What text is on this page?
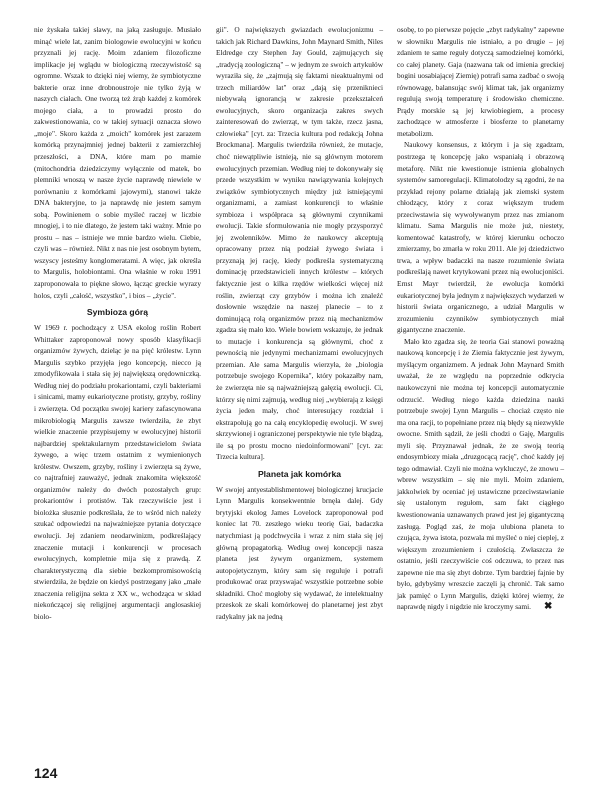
nie żyskała takiej sławy, na jaką zasługuje. Musiało minąć wiele lat, zanim biologowie ewolucyjni w końcu przyznali jej rację. Moim zdaniem filozoficzne implikacje jej wglądu w biologiczną rzeczywistość są ogromne. Wszak to dzięki niej wiemy, że symbiotyczne bakterie oraz inne drobnoustroje nie tylko żyją w naszych ciałach. One tworzą też żrąb każdej z komórek mojego ciała, a to prowadzi prosto do zakwestionowania, co w takiej sytuacji oznacza słowo „moje". Skoro każda z „moich" komórek jest zarazem komórką przynajmniej jednej bakterii z zamierzchłej przeszłości, a DNA, które mam po mamie (mitochondria dziedziczymy wyłącznie od matek, bo plemniki wnoszą w nasze życie naprawdę niewiele w porównaniu z komórkami jajowymi), stanowi także DNA bakteryjne, to ja naprawdę nie jestem samym sobą. Powinienem o sobie myśleć raczej w liczbie mnogiej, i to nie dlatego, że jestem taki ważny. Mnie po prostu – nas – istnieje we mnie bardzo wielu. Ciebie, czyli was – również. Nikt z nas nie jest osobnym bytem, wszyscy jesteśmy konglomeratami. A więc, jak określa to Margulis, holobiontami. Ona właśnie w roku 1991 zaproponowała to piękne słowo, łącząc greckie wyrazy holos, czyli „całość, wszystko", i bios – „życie".

Symbioza górą

W 1969 r. pochodzący z USA ekolog roślin Robert Whittaker zaproponował nowy sposób klasyfikacji organizmów żywych, dzieląc je na pięć królestw. Lynn Margulis szybko przyjęła jego koncepcję, niecco ją zmodyfikowała i stała się jej największą orędowniczką. Według niej do podziału prokariontami, czyli bakteriami i sinicami, mamy eukariotyczne protisty, grzyby, rośliny i zwierzęta. Od początku swojej kariery zafascynowana mikrobiologią Margulis zawsze twierdziła, że zbyt wielkie znaczenie przypisujemy w ewolucyjnej historii najbardziej spektakularnym przedstawicielom świata żywego, a więc trzem ostatnim z wymienionych królestw. Owszem, grzyby, rośliny i zwierzęta są żywe, co najtrafniej zauważyć, jednak znakomita większość organizmów należy do dwóch pozostałych grup: prokariontów i protistów. Tak rzeczywiście jest i biolożka słusznie podkreślała, że to wśród nich należy szukać odpowiedzi na najważniejsze pytania dotyczące ewolucji. Jej zdaniem neodarwinizm, podkreślający znaczenie mutacji i konkurencji w procesach ewolucyjnych, kompletnie mija się z prawdą. Z charakterystyczną dla siebie bezkompromisowością stwierdziła, że będzie on kiedyś postrzegany jako „małe znaczenia religijna sekta z XX w., wchodząca w skład niekończącej się religijnej argumentacji anglosaskiej biolo-

gii". O największych gwiazdach ewolucjonizmu – takich jak Richard Dawkins, John Maynard Smith, Niles Eldredge czy Stephen Jay Gould, zajmujących się „tradycją zoologiczną" – w jednym ze swoich artykułów wyraziła się, że „zajmują się faktami nieaktualnymi od trzech miliardów lat" oraz „dają się przeniknieci niebywałą ignorancją w zakresie przekształceń ewolucyjnych, skoro organizacja zakres swych zainteresowań do zwierząt, w tym także, rzecz jasna, człowieka" [cyt. za: Trzecia kultura pod redakcją Johna Brockmana]. Margulis twierdziła również, że mutacje, choć niewątpliwie istnieją, nie są głównym motorem ewolucyjnych przemian. Według niej te dokonywały się przede wszystkim w wyniku nawiązywania kolejnych związków symbiotycznych między już istniejącymi organizmami, a zamiast konkurencji to właśnie symbioza i współpraca są głównymi czynnikami ewolucji. Takie sformułowania nie mogły przysporzyć jej zwolenników. Mimo że naukowcy akceptują opracowany przez nią podział żywego świata i przyznają jej rację, kiedy podkreśla systematyczną dominację przedstawicieli innych królestw – których faktycznie jest o kilka rzędów wielkości więcej niż roślin, zwierząt czy grzybów i można ich znaleźć dosłownie wszędzie na naszej planecie – to z dominującą rolą organizmów przez nią mechanizmów zgadza się mało kto. Wiele bowiem wskazuje, że jednak to mutacje i konkurencja są głównymi, choć z pewnością nie jedynymi mechanizmami ewolucyjnych przemian. Ale sama Margulis wierzyła, że „biologia potrzebuje swojego Kopernika", który pokazałby nam, że zwierzęta nie są najważniejszą gałęzią ewolucji. Ci, którzy się nimi zajmują, według niej „wybierają z księgi życia jeden mały, choć interesujący rozdział i ekstrapolują go na całą encyklopedię ewolucji. W swej skrzywionej i ograniczonej perspektywie nie tyle błądzą, ile są po prostu mocno niedoinformowani" [cyt. za: Trzecia kultura].

Planeta jak komórka

W swojej antyestablishmentowej biologicznej krucjacie Lynn Margulis konsekwentnie brnęła dalej. Gdy brytyjski ekolog James Lovelock zaproponował pod koniec lat 70. zeszłego wieku teorię Gai, badaczka natychmiast ją podchwyciła i wraz z nim stała się jej główną propagatorką. Według owej koncepcji nasza planeta jest żywym organizmem, systemem autopojetycznym, który sam się reguluje i potrafi produkować oraz przyswajać wszystkie potrzebne sobie składniki. Choć mogłoby się wydawać, że intelektualny przeskok ze skali komórkowej do planetarnej jest zbyt radykalny jak na jedną

osobę, to po pierwsze pojęcie „zbyt radykalny" zapewne w słowniku Margulis nie istniało, a po drugie – jej zdaniem te same reguły dotyczą samodzielnej komórki, co całej planety. Gaja (nazwana tak od imienia greckiej bogini uosabiającej Ziemię) potrafi sama zadbać o swoją równowagę, balansując swój klimat tak, jak organizmy regulują swoją temperaturę i środowisko chemiczne. Prądy morskie są jej krwiobiegiem, a procesy zachodzące w atmosferze i biosferze to planetarny metabolizm.

Naukowy konsensus, z którym i ja się zgadzam, postrzega tę koncepcję jako wspaniałą i obrazową metaforę. Nikt nie kwestionuje istnienia globalnych systemów samoregulacji. Klimatolodzy są zgodni, że na przykład rejony polarne działają jak ziemski system chłodzący, który z coraz większym trudem przeciwstawia się wywoływanym przez nas zmianom klimatu. Sama Margulis nie może już, niestety, komentować katastrofy, w której kierunku ochoczo zmierzamy, bo zmarła w roku 2011. Ale jej dziedzictwo trwa, a wpływ badaczki na nasze rozumienie świata podkreślają nawet krytykowani przez nią ewolucjoniści. Ernst Mayr twierdził, że ewolucja komórki eukariotycznej była jednym z największych wydarzeń w historii świata organicznego, a udział Margulis w zrozumieniu czynników symbiotycznych miał gigantyczne znaczenie.

Mało kto zgadza się, że teoria Gai stanowi poważną naukową koncepcję i że Ziemia faktycznie jest żywym, myślącym organizmem. A jednak John Maynard Smith uważał, że ze względu na poprzednie odkrycia naukowczyni nie można tej koncepcji automatycznie odrzucić. Według niego każda dziedzina nauki potrzebuje swojej Lynn Margulis – chociaż często nie ma ona racji, to popełniane przez nią błędy są niezwykle owocne. Smith sądził, że jeśli chodzi o Gaję, Margulis myli się. Przyznawał jednak, że ze swoją teorią endosymbiozy miała „druzgocącą rację", choć każdy jej tego odmawiał. Czyli nie można wykluczyć, że znowu – wbrew wszystkim – się nie myli. Moim zdaniem, jakkolwiek by oceniać jej ustawiczne przeciwstawianie się ustalonym regułom, sam fakt ciągłego kwestionowania uznawanych prawd jest jej gigantyczną zasługą. Pogląd zaś, że moja ulubiona planeta to czująca, żywa istota, pozwala mi myśleć o niej cieplej, z większym zrozumieniem i czułością. Zwłaszcza że ostatnio, jeśli rzeczywiście coś odczuwa, to przez nas zapewne nie ma się zbyt dobrze. Tym bardziej fajnie by było, gdybyśmy wreszcie zaczęli ją chronić. Tak samo jak pamięć o Lynn Margulis, dzięki której wiemy, że naprawdę nigdy i nigdzie nie kroczymy sami. ✖

124
